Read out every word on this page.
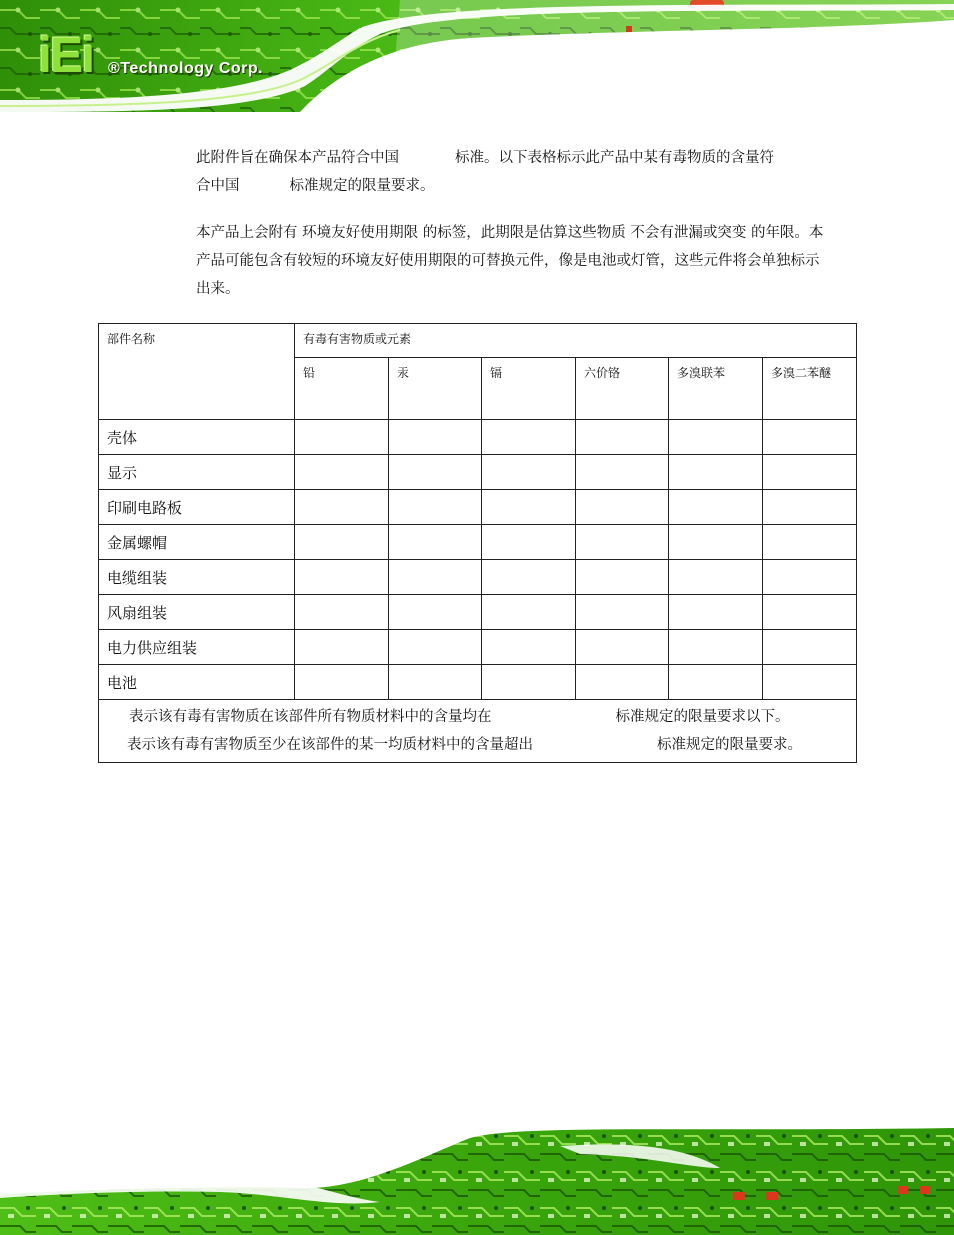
iEi ®Technology Corp.
此附件旨在确保本产品符合中国	标准。以下表格标示此产品中某有毒物质的含量符
合中国	标准规定的限量要求。
本产品上会附有 环境友好使用期限 的标签，此期限是估算这些物质 不会有泄漏或突变 的年限。本产品可能包含有较短的环境友好使用期限的可替换元件，像是电池或灯管，这些元件将会单独标示出来。
部件名称	有毒有害物质或元素					
	铅	汞	镉	六价铬	多溴联苯	多溴二苯醚
壳体						
显示						
印刷电路板						
金属螺帽						
电缆组装						
风扇组装						
电力供应组装						
电池						

表示该有毒有害物质在该部件所有物质材料中的含量均在 标准规定的限量要求以下。
表示该有毒有害物质至少在该部件的某一均质材料中的含量超出 标准规定的限量要求。						
